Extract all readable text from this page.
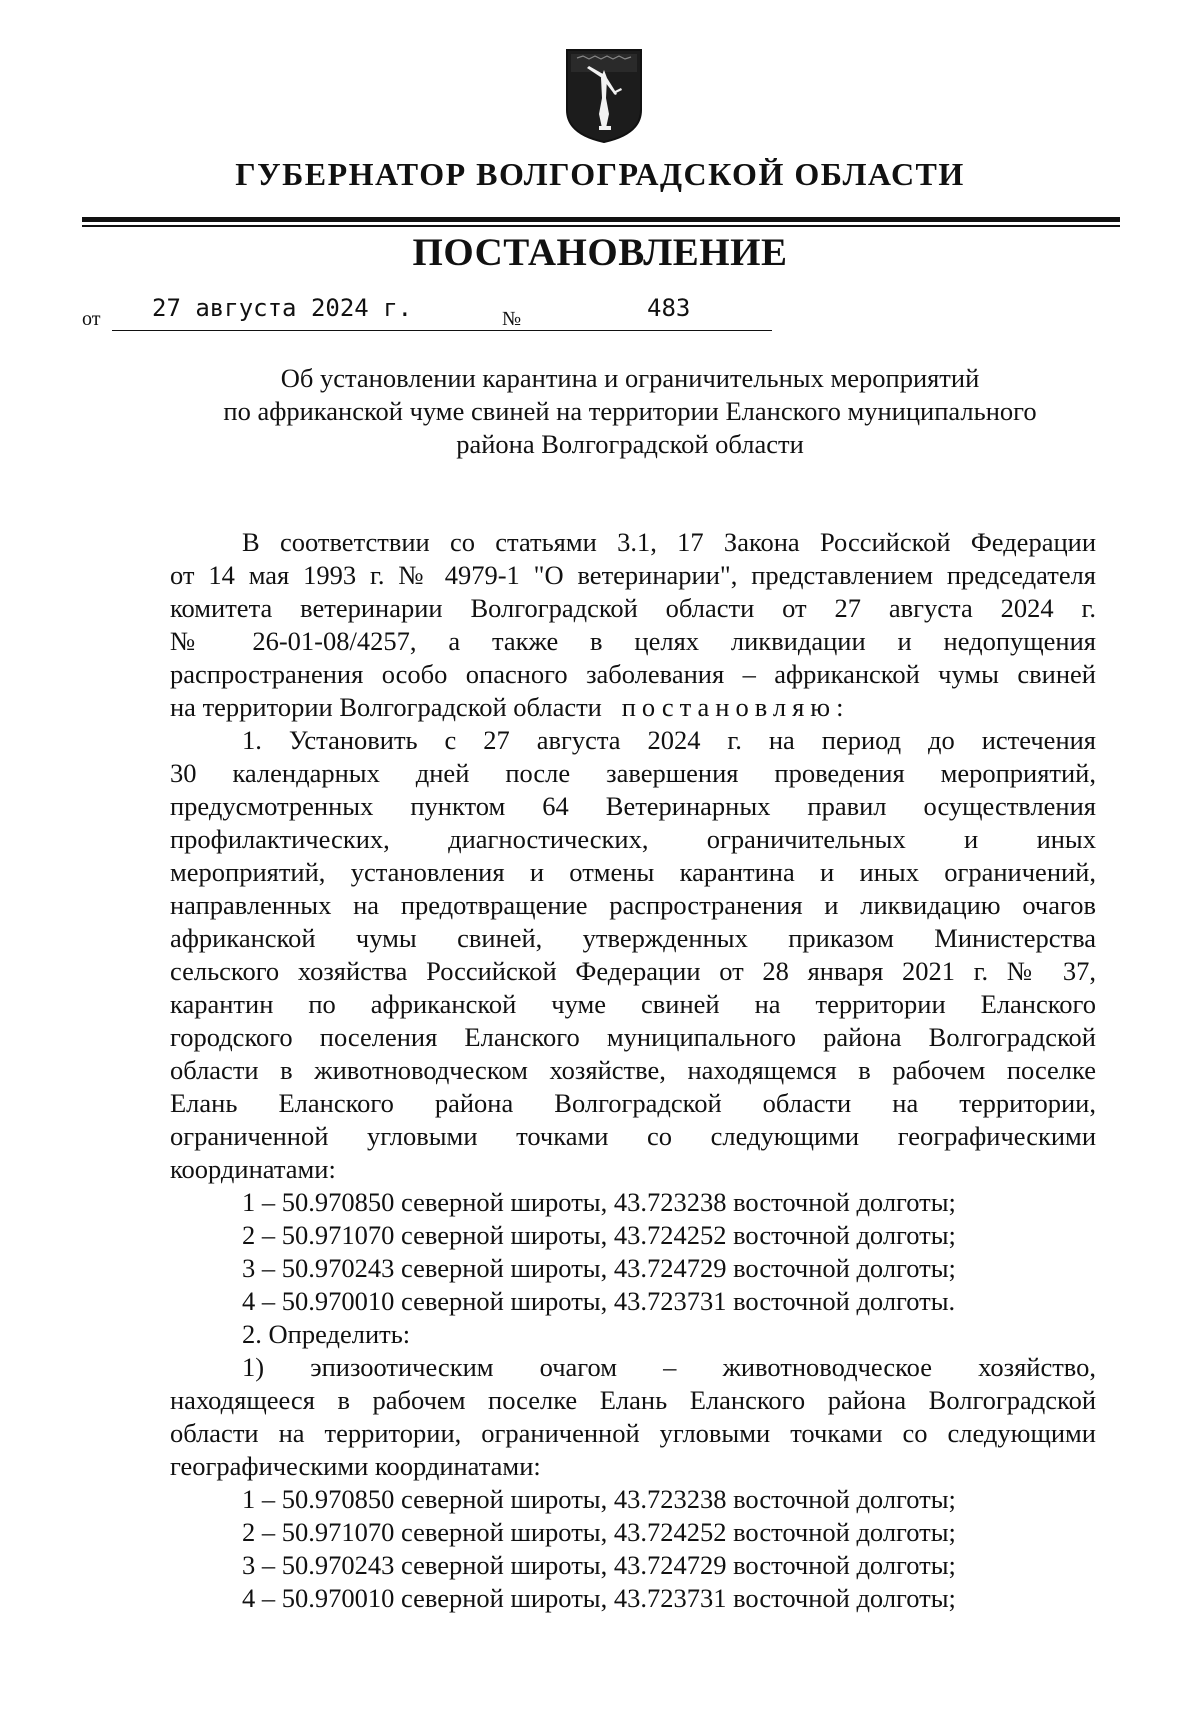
ГУБЕРНАТОР ВОЛГОГРАДСКОЙ ОБЛАСТИ
ПОСТАНОВЛЕНИЕ
от 27 августа 2024 г.	№	483
Об установлении карантина и ограничительных мероприятий
по африканской чуме свиней на территории Еланского муниципального
района Волгоградской области
В соответствии со статьями 3.1, 17 Закона Российской Федерации
от 14 мая 1993 г. № 4979-1 "О ветеринарии", представлением председателя
комитета ветеринарии Волгоградской области от 27 августа 2024 г.
№ 26-01-08/4257, а также в целях ликвидации и недопущения
распространения особо опасного заболевания – африканской чумы свиней
на территории Волгоградской области постановляю:
1. Установить с 27 августа 2024 г. на период до истечения
30 календарных дней после завершения проведения мероприятий,
предусмотренных пунктом 64 Ветеринарных правил осуществления
профилактических, диагностических, ограничительных и иных
мероприятий, установления и отмены карантина и иных ограничений,
направленных на предотвращение распространения и ликвидацию очагов
африканской чумы свиней, утвержденных приказом Министерства
сельского хозяйства Российской Федерации от 28 января 2021 г. № 37,
карантин по африканской чуме свиней на территории Еланского
городского поселения Еланского муниципального района Волгоградской
области в животноводческом хозяйстве, находящемся в рабочем поселке
Елань Еланского района Волгоградской области на территории,
ограниченной угловыми точками со следующими географическими
координатами:
1 – 50.970850 северной широты, 43.723238 восточной долготы;
2 – 50.971070 северной широты, 43.724252 восточной долготы;
3 – 50.970243 северной широты, 43.724729 восточной долготы;
4 – 50.970010 северной широты, 43.723731 восточной долготы.
2. Определить:
1) эпизоотическим очагом – животноводческое хозяйство,
находящееся в рабочем поселке Елань Еланского района Волгоградской
области на территории, ограниченной угловыми точками со следующими
географическими координатами:
1 – 50.970850 северной широты, 43.723238 восточной долготы;
2 – 50.971070 северной широты, 43.724252 восточной долготы;
3 – 50.970243 северной широты, 43.724729 восточной долготы;
4 – 50.970010 северной широты, 43.723731 восточной долготы;
